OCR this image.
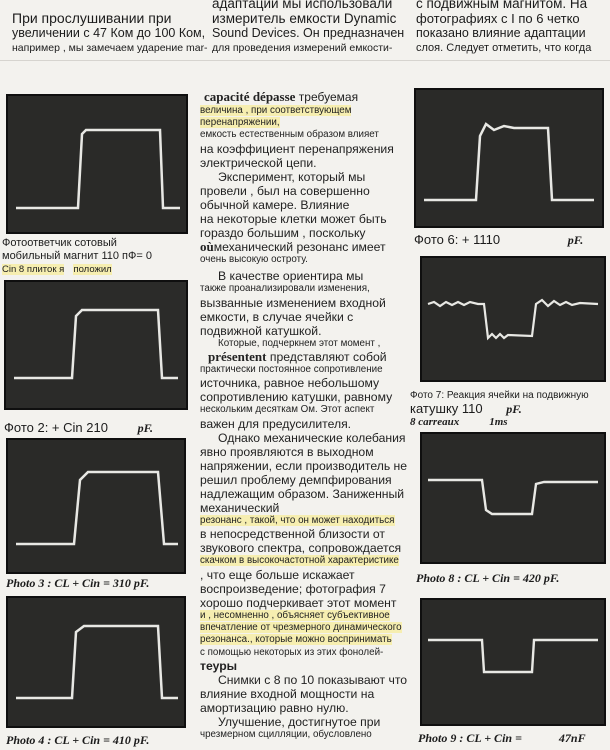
При прослушивании при
увеличении с 47 Ком до 100 Ком,
например , мы замечаем ударение mar-
адаптации мы использовали
измеритель емкости Dynamic
Sound Devices. Он предназначен
для проведения измерений емкости-
с подвижным магнитом. На
фотографиях с I по 6 четко
показано влияние адаптации
слоя. Следует отметить, что когда
Фотоответчик сотовый
мобильный магнит 110 пФ= 0
Cin 8 плиток я положил
Фото 2: + Cin 210 pF.
Photo 3 : CL + Cin = 310 pF.
Photo 4 : CL + Cin = 410 pF.
Фото 6: + 1110	pF.
Фото 7: Реакция ячейки на подвижную
катушку 110 pF.
8 carreaux	1ms
Photo 8 : CL + Cin = 420 pF.
Photo 9 : CL + Cin =	47nF

capacité dépasse требуемая

величина , при соответствующем перенапряжении,

емкость естественным образом влияет

на коэффициент перенапряжения электрической цепи.

Эксперимент, который мы провели , был на совершенно обычной камере. Влияние

на некоторые клетки может быть гораздо большим , поскольку
oùмеханический резонанс имеет

очень высокую остроту.

В качестве ориентира мы

также проанализировали изменения,

вызванные изменением входной емкости, в случае ячейки с подвижной катушкой.

Которые, подчеркнем этот момент ,

présentent представляют собой

практически постоянное сопротивление

источника, равное небольшому сопротивлению катушки, равному

нескольким десяткам Ом. Этот аспект

важен для предусилителя.

Однако механические колебания явно проявляются в выходном напряжении, если производитель не решил проблему демпфирования надлежащим образом. Заниженный механический

резонанс , такой, что он может находиться

в непосредственной близости от звукового спектра, сопровождается

скачком в высокочастотной характеристике

, что еще больше искажает воспроизведение; фотография 7 хорошо подчеркивает этот момент

и , несомненно , объясняет субъективное впечатление от чрезмерного динамического резонанса., которые можно воспринимать

с помощью некоторых из этих фонолей-

теуры

Снимки с 8 по 10 показывают что влияние входной мощности на амортизацию равно нулю.

Улучшение, достигнутое при

чрезмерном сцилляции, обусловлено
